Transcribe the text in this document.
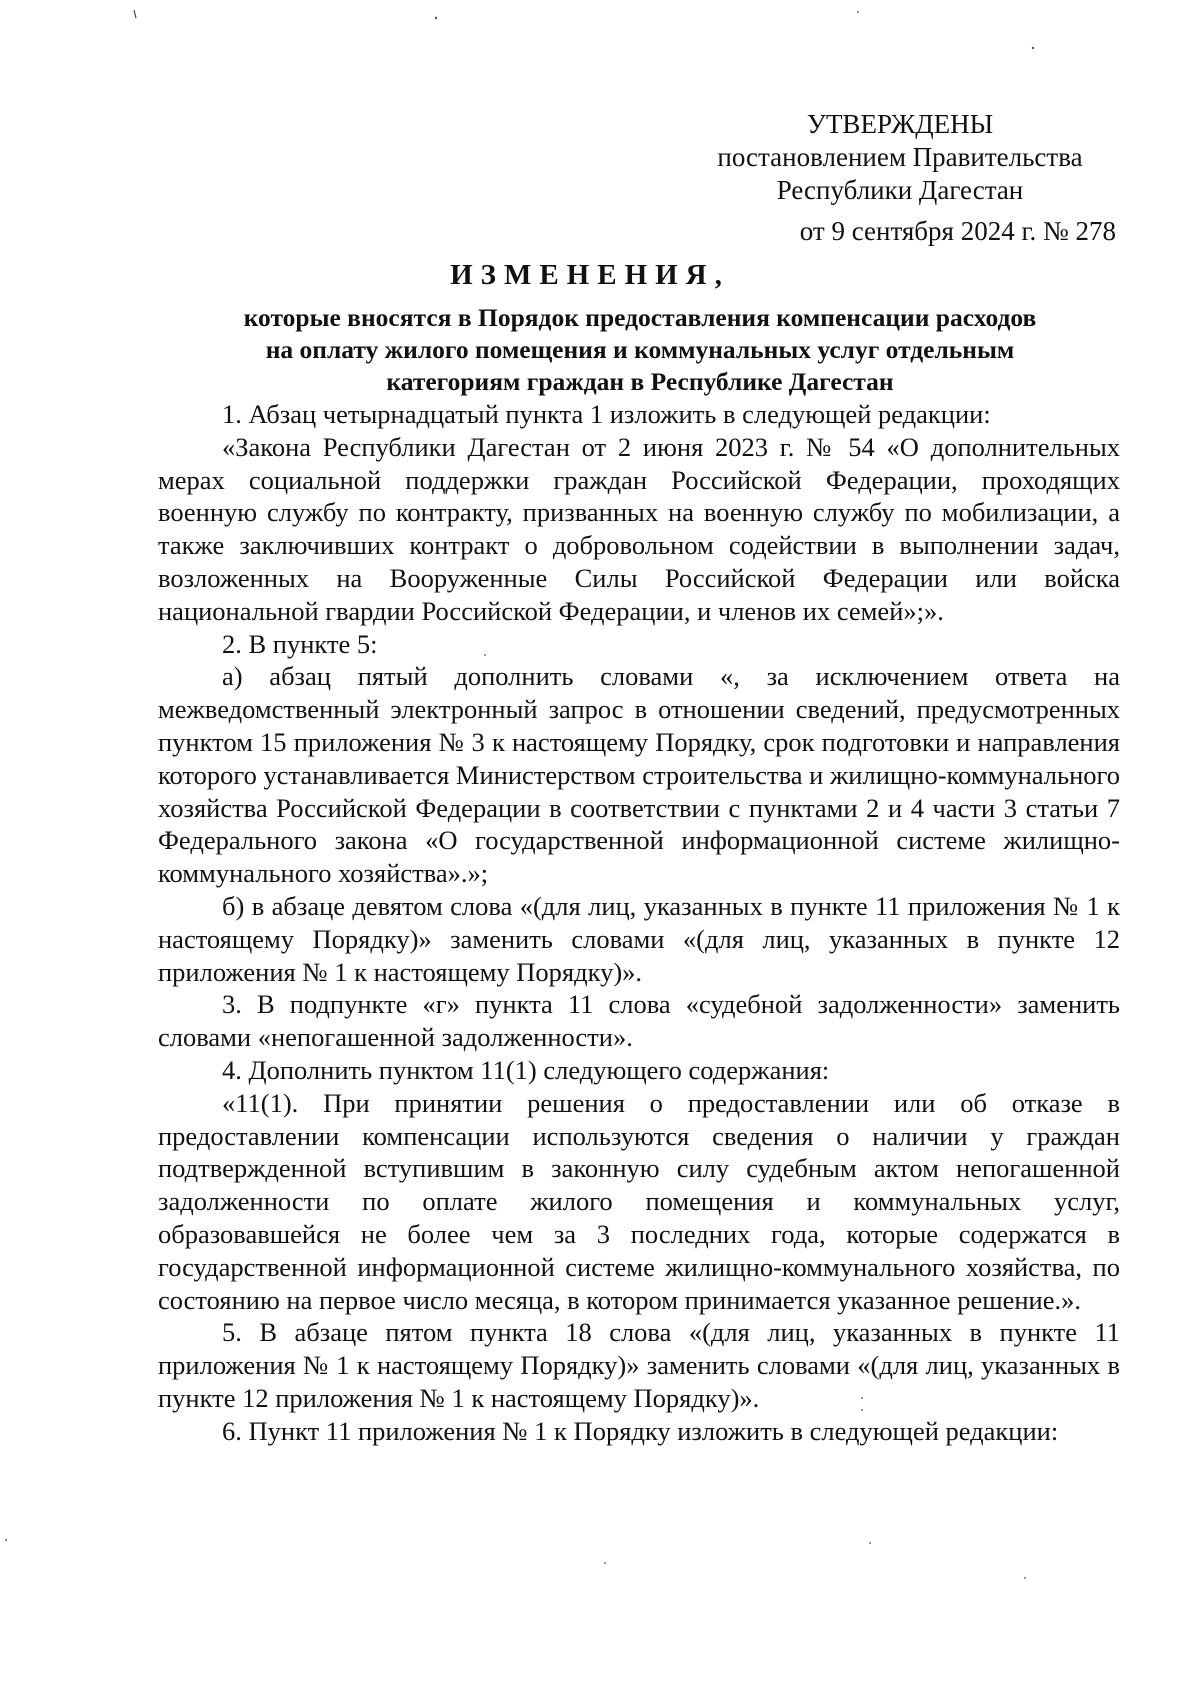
УТВЕРЖДЕНЫ
постановлением Правительства
Республики Дагестан
от 9 сентября 2024 г. № 278
ИЗМЕНЕНИЯ,
которые вносятся в Порядок предоставления компенсации расходов
на оплату жилого помещения и коммунальных услуг отдельным
категориям граждан в Республике Дагестан

1. Абзац четырнадцатый пункта 1 изложить в следующей редакции:

«Закона Республики Дагестан от 2 июня 2023 г. № 54 «О дополнительных мерах социальной поддержки граждан Российской Федерации, проходящих военную службу по контракту, призванных на военную службу по мобилизации, а также заключивших контракт о добровольном содействии в выполнении задач, возложенных на Вооруженные Силы Российской Федерации или войска национальной гвардии Российской Федерации, и членов их семей»;».

2. В пункте 5:

а) абзац пятый дополнить словами «, за исключением ответа на межведомственный электронный запрос в отношении сведений, предусмотренных пунктом 15 приложения № 3 к настоящему Порядку, срок подготовки и направления которого устанавливается Министерством строительства и жилищно-коммунального хозяйства Российской Федерации в соответствии с пунктами 2 и 4 части 3 статьи 7 Федерального закона «О государственной информационной системе жилищно-коммунального хозяйства».»;

б) в абзаце девятом слова «(для лиц, указанных в пункте 11 приложения № 1 к настоящему Порядку)» заменить словами «(для лиц, указанных в пункте 12 приложения № 1 к настоящему Порядку)».

3. В подпункте «г» пункта 11 слова «судебной задолженности» заменить словами «непогашенной задолженности».

4. Дополнить пунктом 11(1) следующего содержания:

«11(1). При принятии решения о предоставлении или об отказе в предоставлении компенсации используются сведения о наличии у граждан подтвержденной вступившим в законную силу судебным актом непогашенной задолженности по оплате жилого помещения и коммунальных услуг, образовавшейся не более чем за 3 последних года, которые содержатся в государственной информационной системе жилищно-коммунального хозяйства, по состоянию на первое число месяца, в котором принимается указанное решение.».

5. В абзаце пятом пункта 18 слова «(для лиц, указанных в пункте 11 приложения № 1 к настоящему Порядку)» заменить словами «(для лиц, указанных в пункте 12 приложения № 1 к настоящему Порядку)».

6. Пункт 11 приложения № 1 к Порядку изложить в следующей редакции:
